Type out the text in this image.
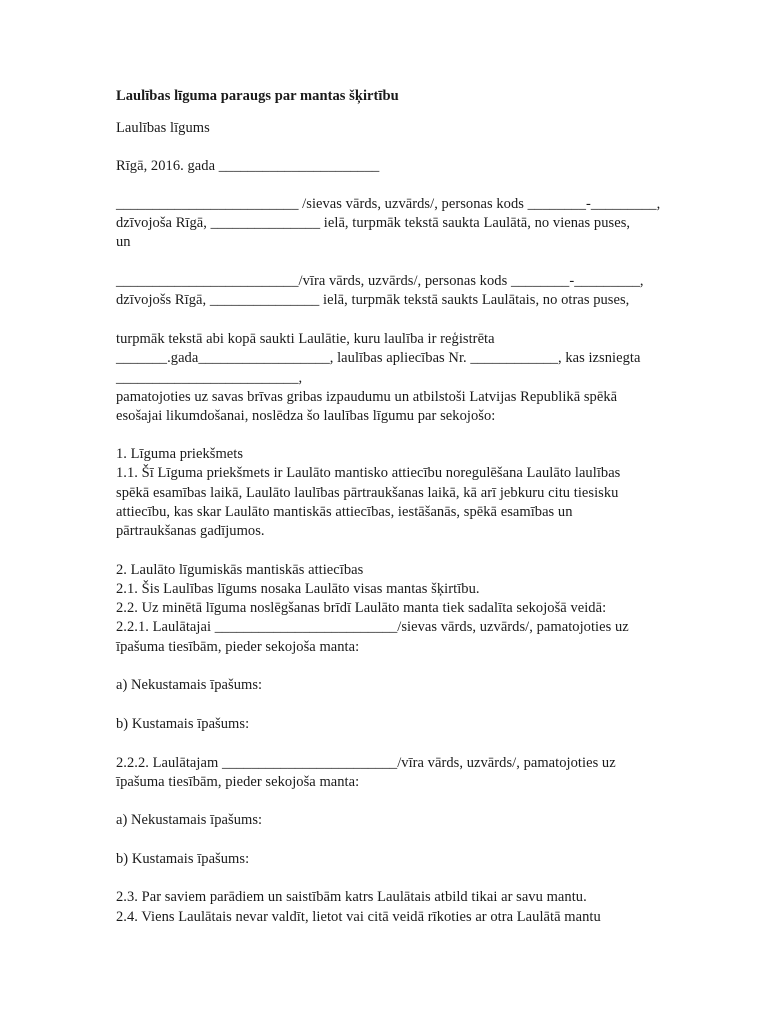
Laulības līguma paraugs par mantas šķirtību
Laulības līgums
Rīgā, 2016. gada ______________________
_________________________ /sievas vārds, uzvārds/, personas kods ________-_________,
dzīvojoša Rīgā, _______________ ielā, turpmāk tekstā saukta Laulātā, no vienas puses,
un
_________________________/vīra vārds, uzvārds/, personas kods ________-_________,
dzīvojošs Rīgā, _______________ ielā, turpmāk tekstā saukts Laulātais, no otras puses,
turpmāk tekstā abi kopā saukti Laulātie, kuru laulība ir reģistrēta
_______.gada__________________, laulības apliecības Nr. ____________, kas izsniegta
_________________________,
pamatojoties uz savas brīvas gribas izpaudumu un atbilstoši Latvijas Republikā spēkā
esošajai likumdošanai, noslēdza šo laulības līgumu par sekojošo:
1. Līguma priekšmets
1.1. Šī Līguma priekšmets ir Laulāto mantisko attiecību noregulēšana Laulāto laulības
spēkā esamības laikā, Laulāto laulības pārtraukšanas laikā, kā arī jebkuru citu tiesisku
attiecību, kas skar Laulāto mantiskās attiecības, iestāšanās, spēkā esamības un
pārtraukšanas gadījumos.
2. Laulāto līgumiskās mantiskās attiecības
2.1. Šis Laulības līgums nosaka Laulāto visas mantas šķirtību.
2.2. Uz minētā līguma noslēgšanas brīdī Laulāto manta tiek sadalīta sekojošā veidā:
2.2.1. Laulātajai _________________________/sievas vārds, uzvārds/, pamatojoties uz
īpašuma tiesībām, pieder sekojoša manta:
a) Nekustamais īpašums:
b) Kustamais īpašums:
2.2.2. Laulātajam ________________________/vīra vārds, uzvārds/, pamatojoties uz
īpašuma tiesībām, pieder sekojoša manta:
a) Nekustamais īpašums:
b) Kustamais īpašums:
2.3. Par saviem parādiem un saistībām katrs Laulātais atbild tikai ar savu mantu.
2.4. Viens Laulātais nevar valdīt, lietot vai citā veidā rīkoties ar otra Laulātā mantu
